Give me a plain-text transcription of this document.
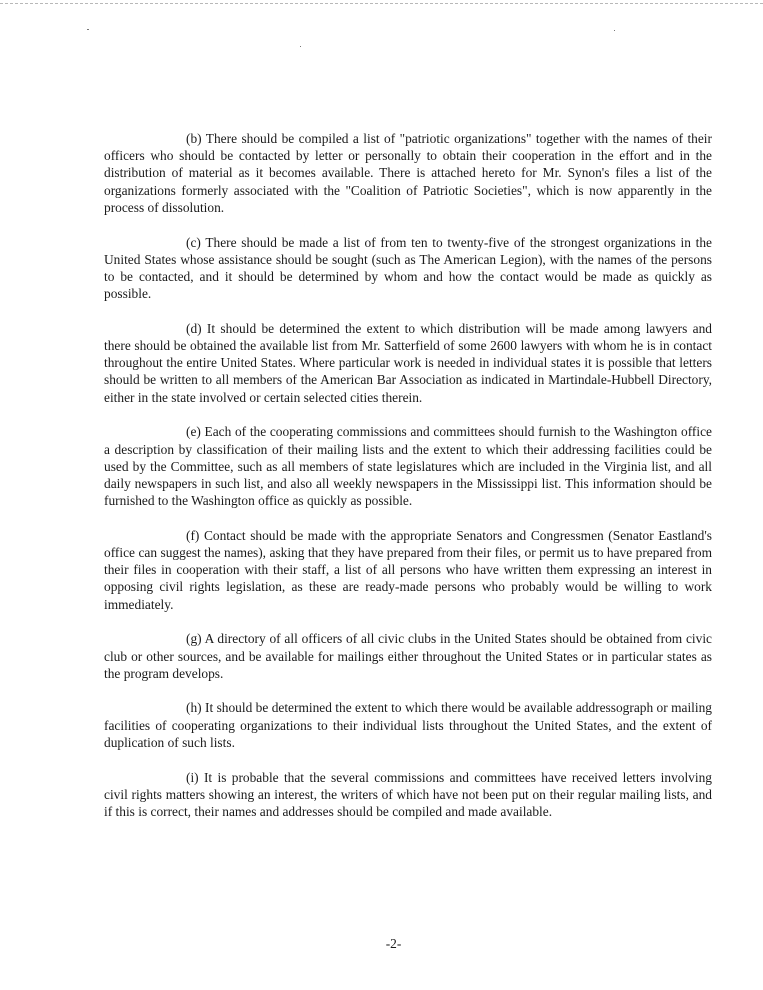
(b) There should be compiled a list of "patriotic organizations" together with the names of their officers who should be contacted by letter or personally to obtain their cooperation in the effort and in the distribution of material as it becomes available. There is attached hereto for Mr. Synon's files a list of the organizations formerly associated with the "Coalition of Patriotic Societies", which is now apparently in the process of dissolution.

(c) There should be made a list of from ten to twenty-five of the strongest organizations in the United States whose assistance should be sought (such as The American Legion), with the names of the persons to be contacted, and it should be determined by whom and how the contact would be made as quickly as possible.

(d) It should be determined the extent to which distribution will be made among lawyers and there should be obtained the available list from Mr. Satterfield of some 2600 lawyers with whom he is in contact throughout the entire United States. Where particular work is needed in individual states it is possible that letters should be written to all members of the American Bar Association as indicated in Martindale-Hubbell Directory, either in the state involved or certain selected cities therein.

(e) Each of the cooperating commissions and committees should furnish to the Washington office a description by classification of their mailing lists and the extent to which their addressing facilities could be used by the Committee, such as all members of state legislatures which are included in the Virginia list, and all daily newspapers in such list, and also all weekly newspapers in the Mississippi list. This information should be furnished to the Washington office as quickly as possible.

(f) Contact should be made with the appropriate Senators and Congressmen (Senator Eastland's office can suggest the names), asking that they have prepared from their files, or permit us to have prepared from their files in cooperation with their staff, a list of all persons who have written them expressing an interest in opposing civil rights legislation, as these are ready-made persons who probably would be willing to work immediately.

(g) A directory of all officers of all civic clubs in the United States should be obtained from civic club or other sources, and be available for mailings either throughout the United States or in particular states as the program develops.

(h) It should be determined the extent to which there would be available addressograph or mailing facilities of cooperating organizations to their individual lists throughout the United States, and the extent of duplication of such lists.

(i) It is probable that the several commissions and committees have received letters involving civil rights matters showing an interest, the writers of which have not been put on their regular mailing lists, and if this is correct, their names and addresses should be compiled and made available.

-2-
